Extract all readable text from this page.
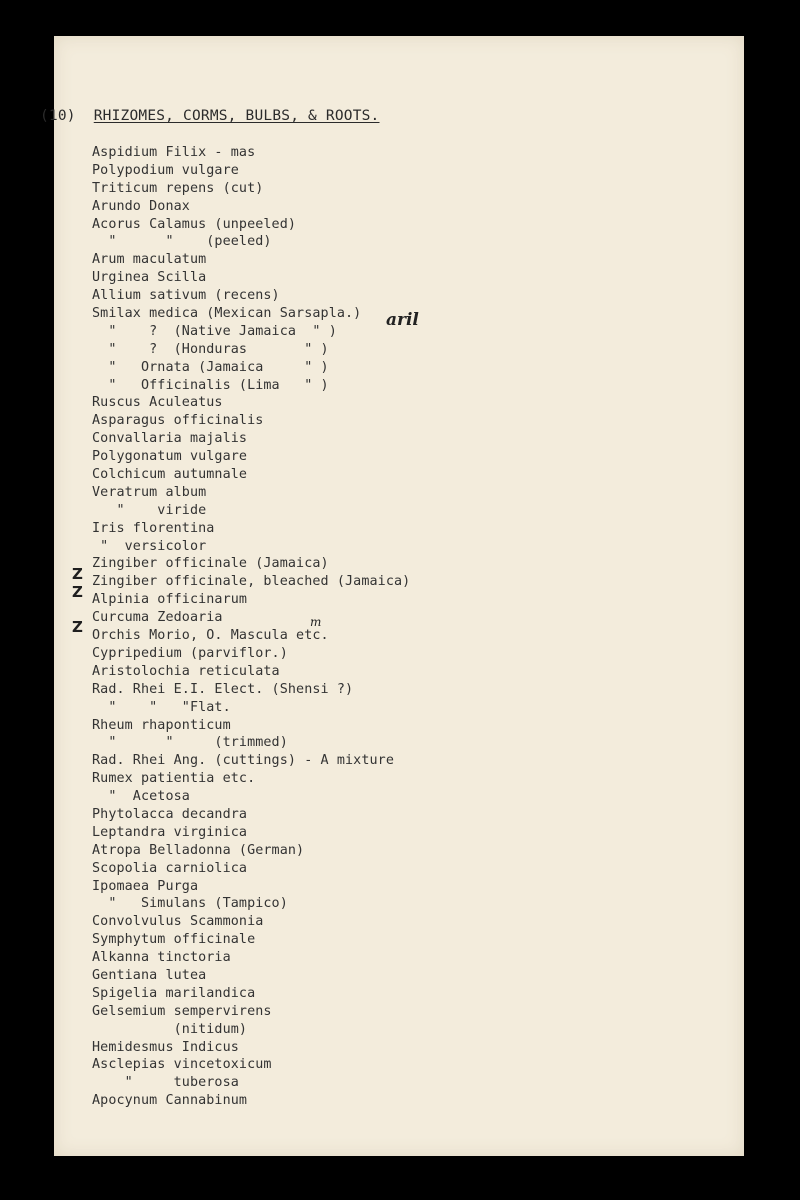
(10) RHIZOMES, CORMS, BULBS, & ROOTS.
Aspidium Filix - mas
Polypodium vulgare
Triticum repens (cut)
Arundo Donax
Acorus Calamus (unpeeled)
"      "    (peeled)
Arum maculatum
Urginea Scilla
Allium sativum (recens)
Smilax medica (Mexican Sarsapla.)
"    ?  (Native Jamaica  " )
"    ?  (Honduras       " )
"   Ornata (Jamaica     " )
"   Officinalis (Lima   " )
Ruscus Aculeatus
Asparagus officinalis
Convallaria majalis
Polygonatum vulgare
Colchicum autumnale
Veratrum album
"    viride
Iris florentina
"  versicolor
Zingiber officinale (Jamaica)
Zingiber officinale, bleached (Jamaica)
Alpinia officinarum
Curcuma Zedoaria
Orchis Morio, O. Mascula etc.
Cypripedium (parviflor.)
Aristolochia reticulata
Rad. Rhei E.I. Elect. (Shensi ?)
"    "   "Flat.
Rheum rhaponticum
"      "     (trimmed)
Rad. Rhei Ang. (cuttings) - A mixture
Rumex patientia etc.
"  Acetosa
Phytolacca decandra
Leptandra virginica
Atropa Belladonna (German)
Scopolia carniolica
Ipomaea Purga
"   Simulans (Tampico)
Convolvulus Scammonia
Symphytum officinale
Alkanna tinctoria
Gentiana lutea
Spigelia marilandica
Gelsemium sempervirens
(nitidum)
Hemidesmus Indicus
Asclepias vincetoxicum
"     tuberosa
Apocynum Cannabinum
aril
m
Z
Z
Z
